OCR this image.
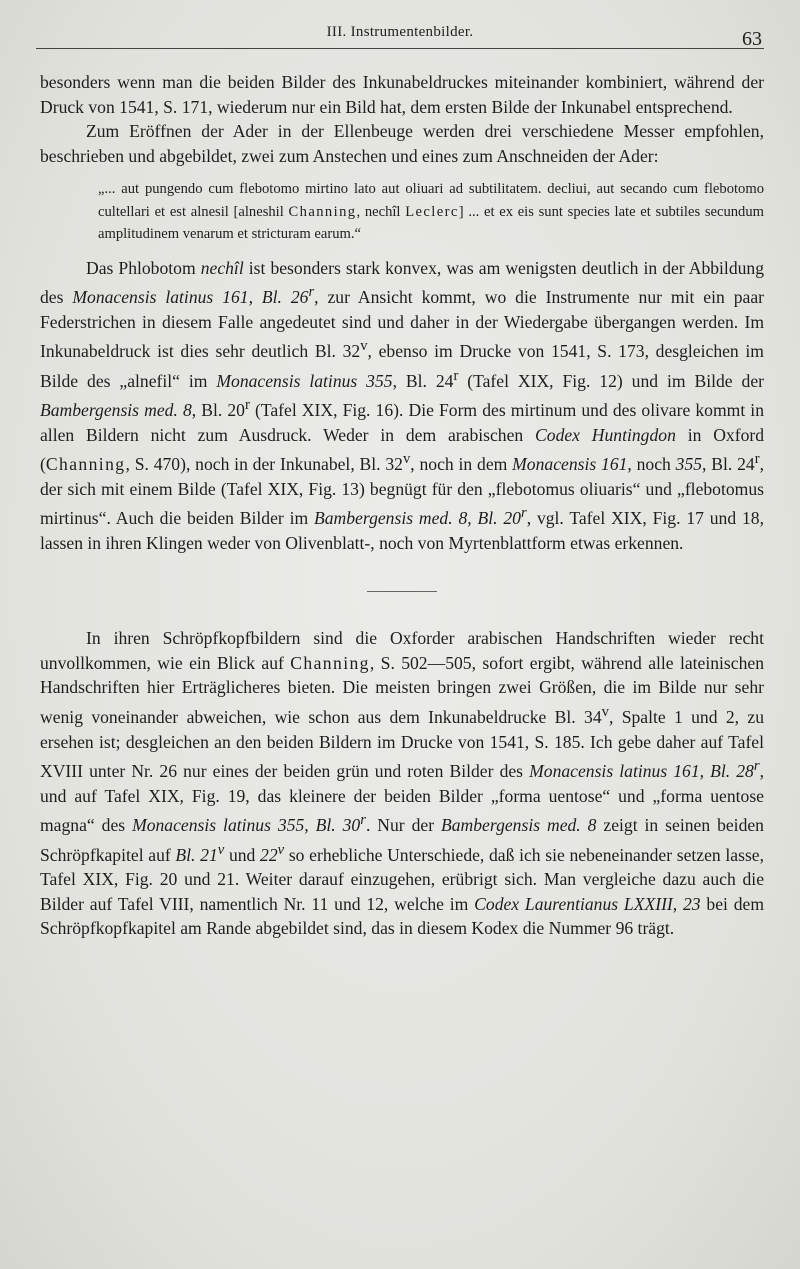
III. Instrumentenbilder.	63

besonders wenn man die beiden Bilder des Inkunabeldruckes miteinander kombiniert, während der Druck von 1541, S. 171, wiederum nur ein Bild hat, dem ersten Bilde der Inkunabel entsprechend.

Zum Eröffnen der Ader in der Ellenbeuge werden drei verschiedene Messer empfohlen, beschrieben und abgebildet, zwei zum Anstechen und eines zum Anschneiden der Ader:

„... aut pungendo cum flebotomo mirtino lato aut oliuari ad subtilitatem. decliui, aut secando cum flebotomo cultellari et est alnesil [alneshil Channing, nechîl Leclerc] ... et ex eis sunt species late et subtiles secundum amplitudinem venarum et stricturam earum.“

Das Phlobotom nechîl ist besonders stark konvex, was am wenigsten deutlich in der Abbildung des Monacensis latinus 161, Bl. 26$^r$, zur Ansicht kommt, wo die Instrumente nur mit ein paar Federstrichen in diesem Falle angedeutet sind und daher in der Wiedergabe übergangen werden. Im Inkunabeldruck ist dies sehr deutlich Bl. 32$^v$, ebenso im Drucke von 1541, S. 173, desgleichen im Bilde des „alnefil“ im Monacensis latinus 355, Bl. 24$^r$ (Tafel XIX, Fig. 12) und im Bilde der Bambergensis med. 8, Bl. 20$^r$ (Tafel XIX, Fig. 16). Die Form des mirtinum und des olivare kommt in allen Bildern nicht zum Ausdruck. Weder in dem arabischen Codex Huntingdon in Oxford (Channing, S. 470), noch in der Inkunabel, Bl. 32$^v$, noch in dem Monacensis 161, noch 355, Bl. 24$^r$, der sich mit einem Bilde (Tafel XIX, Fig. 13) begnügt für den „flebotomus oliuaris“ und „flebotomus mirtinus“. Auch die beiden Bilder im Bambergensis med. 8, Bl. 20$^r$, vgl. Tafel XIX, Fig. 17 und 18, lassen in ihren Klingen weder von Olivenblatt-, noch von Myrtenblattform etwas erkennen.

In ihren Schröpfkopfbildern sind die Oxforder arabischen Handschriften wieder recht unvollkommen, wie ein Blick auf Channing, S. 502—505, sofort ergibt, während alle lateinischen Handschriften hier Erträglicheres bieten. Die meisten bringen zwei Größen, die im Bilde nur sehr wenig voneinander abweichen, wie schon aus dem Inkunabeldrucke Bl. 34$^v$, Spalte 1 und 2, zu ersehen ist; desgleichen an den beiden Bildern im Drucke von 1541, S. 185. Ich gebe daher auf Tafel XVIII unter Nr. 26 nur eines der beiden grün und roten Bilder des Monacensis latinus 161, Bl. 28$^r$, und auf Tafel XIX, Fig. 19, das kleinere der beiden Bilder „forma uentose“ und „forma uentose magna“ des Monacensis latinus 355, Bl. 30$^r$. Nur der Bambergensis med. 8 zeigt in seinen beiden Schröpfkapitel auf Bl. 21$^v$ und 22$^v$ so erhebliche Unterschiede, daß ich sie nebeneinander setzen lasse, Tafel XIX, Fig. 20 und 21. Weiter darauf einzugehen, erübrigt sich. Man vergleiche dazu auch die Bilder auf Tafel VIII, namentlich Nr. 11 und 12, welche im Codex Laurentianus LXXIII, 23 bei dem Schröpfkopfkapitel am Rande abgebildet sind, das in diesem Kodex die Nummer 96 trägt.
